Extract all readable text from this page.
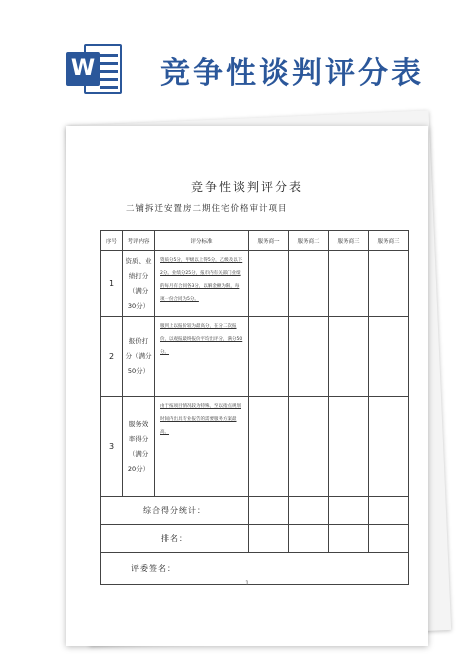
W 竞争性谈判评分表
竞争性谈判评分表
二铺拆迁安置房二期住宅价格审计项目
序号	考评内容	评分标准	服务商一	服务商二	服务商三	服务商三
1	资质、业
绩打分
（满分
30分）	资质分5分，甲级以上得5分，乙级及以下2分。业绩分25分，报市内有关部门业绩的每月有合同各3分，以解金额为限，每项一份合同为5分。				
2	报价打
分（满分
50分）	服到上以报价较为最高分，在分二次报价，以观报最终报价平均出评分，满分50分。				
3	服务效
率得分
（满分
20分）	由于按项目情况较为特殊，至以指点规划时间内出具专业报告的需要服务方案最高。				
综合得分统计：						
排名：						
评委签名：						
1
